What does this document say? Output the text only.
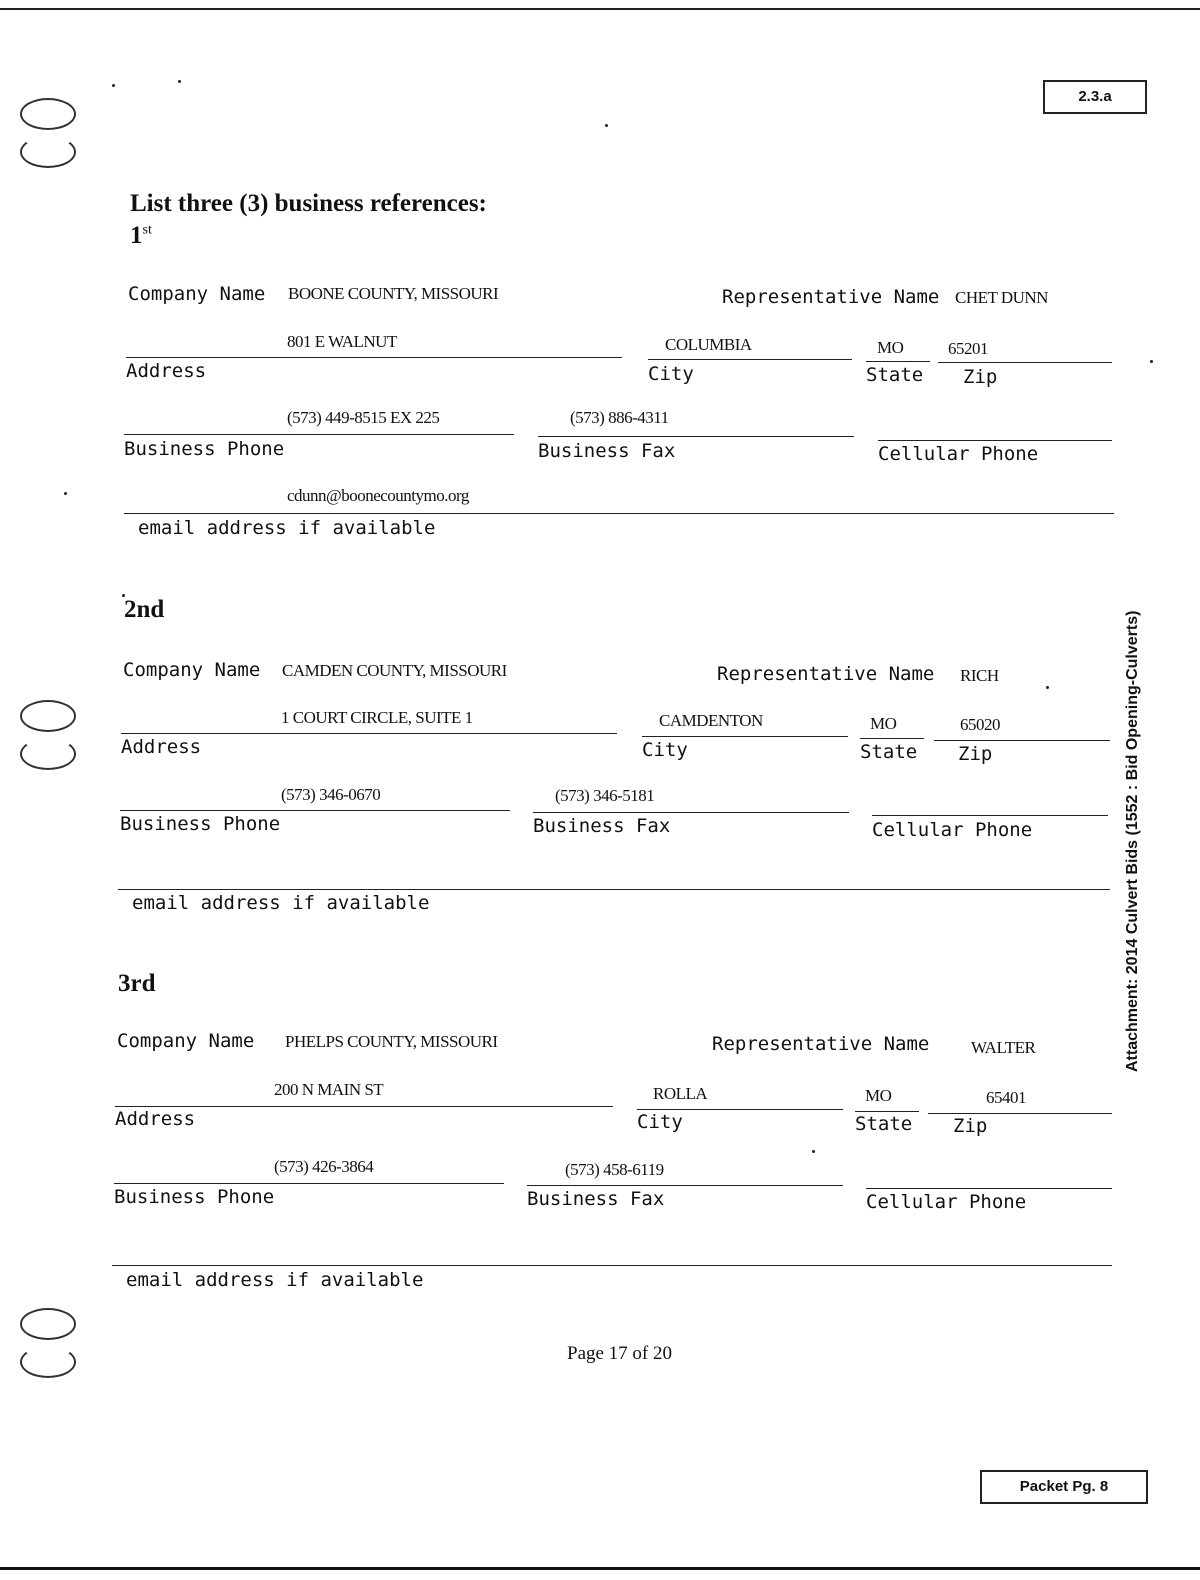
2.3.a
Packet Pg. 8
List three (3) business references:
Attachment: 2014 Culvert Bids (1552 : Bid Opening-Culverts)
1st
Company Name BOONE COUNTY, MISSOURI	Representative Name CHET DUNN
801 E WALNUT
Address
COLUMBIA
City
MO
State
65201
Zip
(573) 449-8515 EX 225
Business Phone
(573) 886-4311
Business Fax	Cellular Phone
cdunn@boonecountymo.org
email address if available
2nd
Company Name CAMDEN COUNTY, MISSOURI	Representative Name RICH
1 COURT CIRCLE, SUITE 1
Address
CAMDENTON
City
MO
State
65020
Zip
(573) 346-0670
Business Phone
(573) 346-5181
Business Fax	Cellular Phone
email address if available
3rd
Company Name PHELPS COUNTY, MISSOURI	Representative Name WALTER
200 N MAIN ST
Address
ROLLA
City
MO
State
65401
Zip
(573) 426-3864
Business Phone
(573) 458-6119
Business Fax	Cellular Phone
email address if available
Page 17 of 20
